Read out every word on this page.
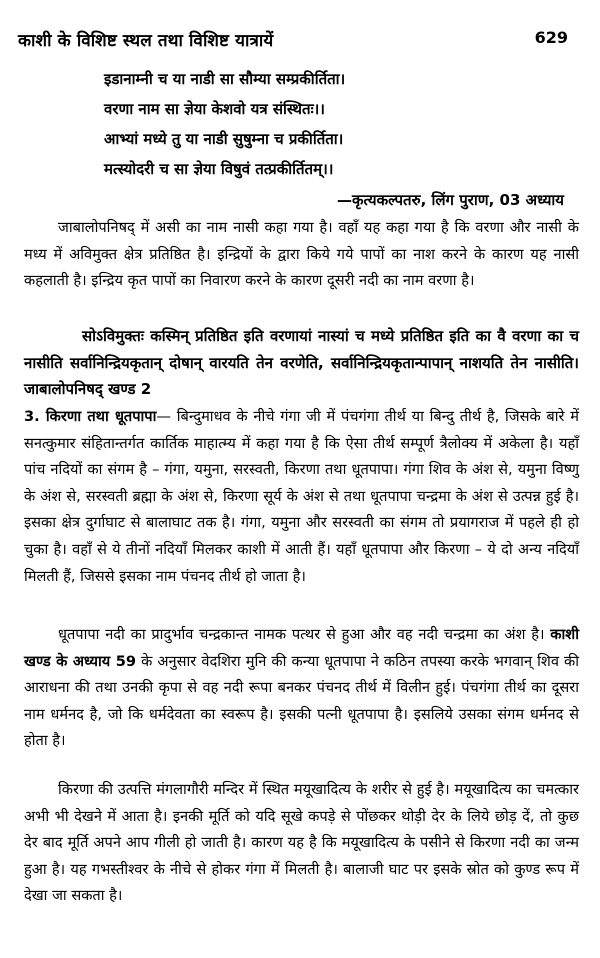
काशी के विशिष्ट स्थल तथा विशिष्ट यात्रायें	629
इडानाम्नी च या नाडी सा सौम्या सम्प्रकीर्तिता।
वरणा नाम सा ज्ञेया केशवो यत्र संस्थितः।।
आभ्यां मध्ये तु या नाडी सुषुम्ना च प्रकीर्तिता।
मत्स्योदरी च सा ज्ञेया विषुवं तत्प्रकीर्तितम्।।
—कृत्यकल्पतरु, लिंग पुराण, 03 अध्याय
जाबालोपनिषद् में असी का नाम नासी कहा गया है। वहाँ यह कहा गया है कि वरणा और नासी के मध्य में अविमुक्त क्षेत्र प्रतिष्ठित है। इन्द्रियों के द्वारा किये गये पापों का नाश करने के कारण यह नासी कहलाती है। इन्द्रिय कृत पापों का निवारण करने के कारण दूसरी नदी का नाम वरणा है।
सोऽविमुक्तः कस्मिन् प्रतिष्ठित इति वरणायां नास्यां च मध्ये प्रतिष्ठित इति का वै वरणा का च नासीति सर्वानिन्द्रियकृतान् दोषान् वारयति तेन वरणेति, सर्वानिन्द्रियकृतान्पापान् नाशयति तेन नासीति। जाबालोपनिषद् खण्ड 2
3. किरणा तथा धूतपापा— बिन्दुमाधव के नीचे गंगा जी में पंचगंगा तीर्थ या बिन्दु तीर्थ है, जिसके बारे में सनत्कुमार संहितान्तर्गत कार्तिक माहात्म्य में कहा गया है कि ऐसा तीर्थ सम्पूर्ण त्रैलोक्य में अकेला है। यहाँ पांच नदियों का संगम है – गंगा, यमुना, सरस्वती, किरणा तथा धूतपापा। गंगा शिव के अंश से, यमुना विष्णु के अंश से, सरस्वती ब्रह्मा के अंश से, किरणा सूर्य के अंश से तथा धूतपापा चन्द्रमा के अंश से उत्पन्न हुई है। इसका क्षेत्र दुर्गाघाट से बालाघाट तक है। गंगा, यमुना और सरस्वती का संगम तो प्रयागराज में पहले ही हो चुका है। वहाँ से ये तीनों नदियाँ मिलकर काशी में आती हैं। यहाँ धूतपापा और किरणा – ये दो अन्य नदियाँ मिलती हैं, जिससे इसका नाम पंचनद तीर्थ हो जाता है।
धूतपापा नदी का प्रादुर्भाव चन्द्रकान्त नामक पत्थर से हुआ और वह नदी चन्द्रमा का अंश है। काशी खण्ड के अध्याय 59 के अनुसार वेदशिरा मुनि की कन्या धूतपापा ने कठिन तपस्या करके भगवान् शिव की आराधना की तथा उनकी कृपा से वह नदी रूपा बनकर पंचनद तीर्थ में विलीन हुई। पंचगंगा तीर्थ का दूसरा नाम धर्मनद है, जो कि धर्मदेवता का स्वरूप है। इसकी पत्नी धूतपापा है। इसलिये उसका संगम धर्मनद से होता है।
किरणा की उत्पत्ति मंगलागौरी मन्दिर में स्थित मयूखादित्य के शरीर से हुई है। मयूखादित्य का चमत्कार अभी भी देखने में आता है। इनकी मूर्ति को यदि सूखे कपड़े से पोंछकर थोड़ी देर के लिये छोड़ दें, तो कुछ देर बाद मूर्ति अपने आप गीली हो जाती है। कारण यह है कि मयूखादित्य के पसीने से किरणा नदी का जन्म हुआ है। यह गभस्तीश्वर के नीचे से होकर गंगा में मिलती है। बालाजी घाट पर इसके स्रोत को कुण्ड रूप में देखा जा सकता है।
